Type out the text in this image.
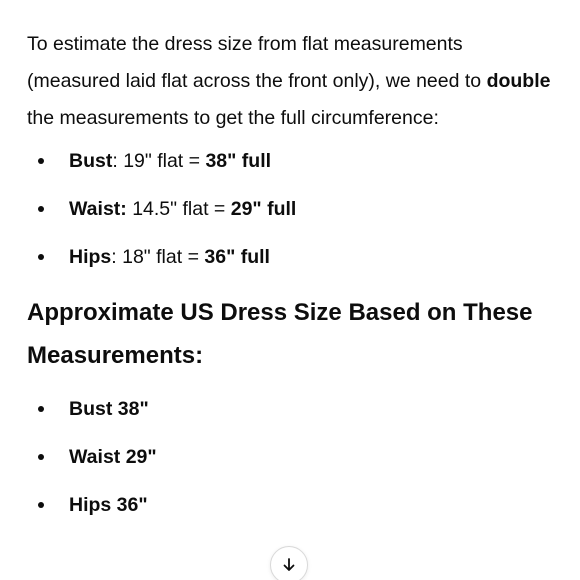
To estimate the dress size from flat measurements (measured laid flat across the front only), we need to double the measurements to get the full circumference:

Bust: 19" flat = 38" full
Waist: 14.5" flat = 29" full
Hips: 18" flat = 36" full
Approximate US Dress Size Based on These Measurements:
Bust 38"
Waist 29"
Hips 36"
